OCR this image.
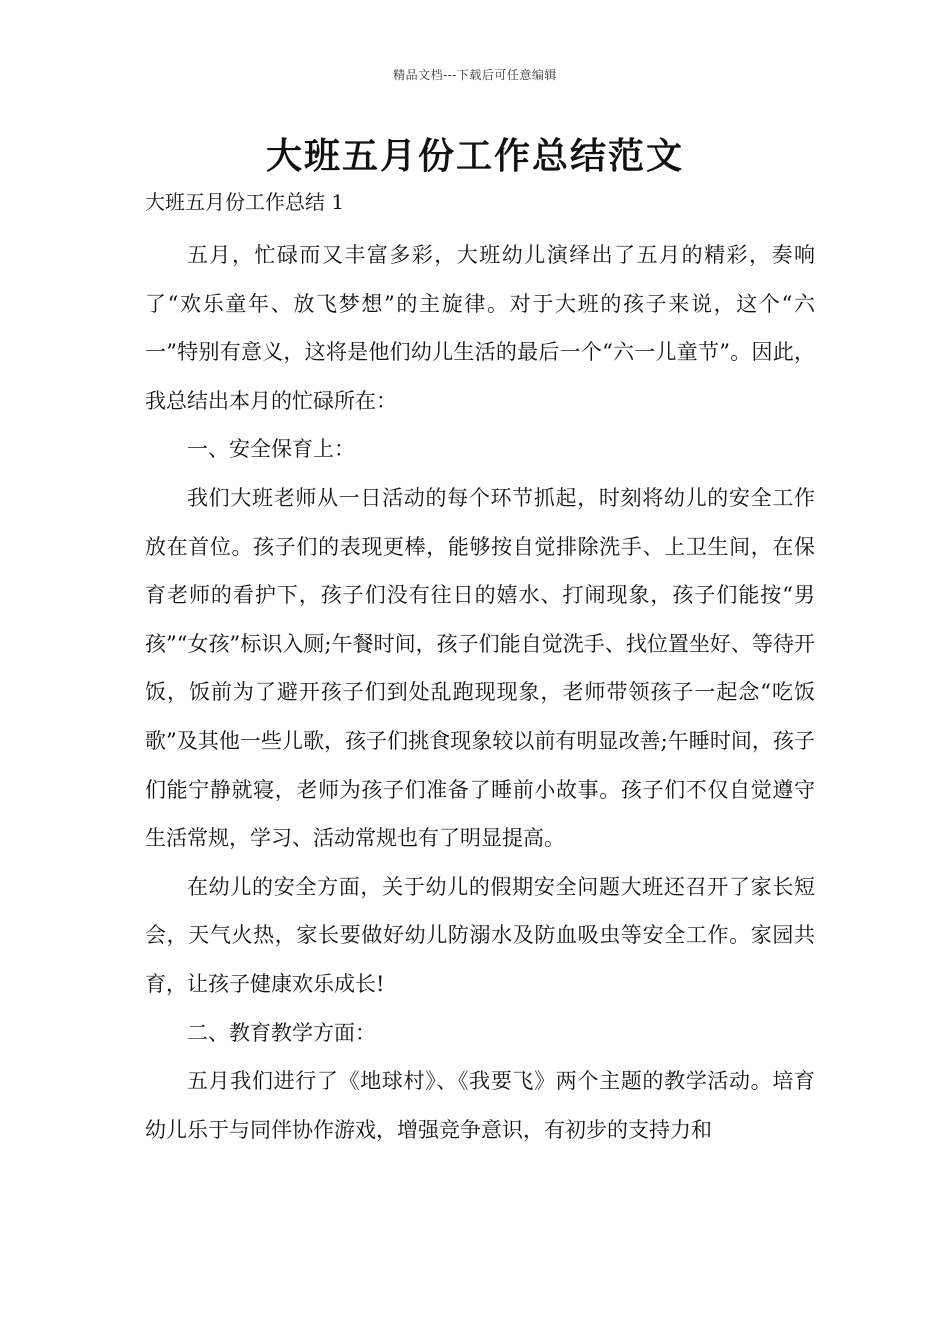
精品文档---下载后可任意编辑
大班五月份工作总结范文

大班五月份工作总结 1

五月，忙碌而又丰富多彩，大班幼儿演绎出了五月的精彩，奏响了“欢乐童年、放飞梦想”的主旋律。对于大班的孩子来说，这个“六一”特别有意义，这将是他们幼儿生活的最后一个“六一儿童节”。因此，我总结出本月的忙碌所在：

一、安全保育上：

我们大班老师从一日活动的每个环节抓起，时刻将幼儿的安全工作放在首位。孩子们的表现更棒，能够按自觉排除洗手、上卫生间，在保育老师的看护下，孩子们没有往日的嬉水、打闹现象，孩子们能按“男孩”“女孩”标识入厕;午餐时间，孩子们能自觉洗手、找位置坐好、等待开饭，饭前为了避开孩子们到处乱跑现现象，老师带领孩子一起念“吃饭歌”及其他一些儿歌，孩子们挑食现象较以前有明显改善;午睡时间，孩子们能宁静就寝，老师为孩子们准备了睡前小故事。孩子们不仅自觉遵守生活常规，学习、活动常规也有了明显提高。

在幼儿的安全方面，关于幼儿的假期安全问题大班还召开了家长短会，天气火热，家长要做好幼儿防溺水及防血吸虫等安全工作。家园共育，让孩子健康欢乐成长!

二、教育教学方面：

五月我们进行了《地球村》、《我要飞》两个主题的教学活动。培育幼儿乐于与同伴协作游戏，增强竞争意识，有初步的支持力和
